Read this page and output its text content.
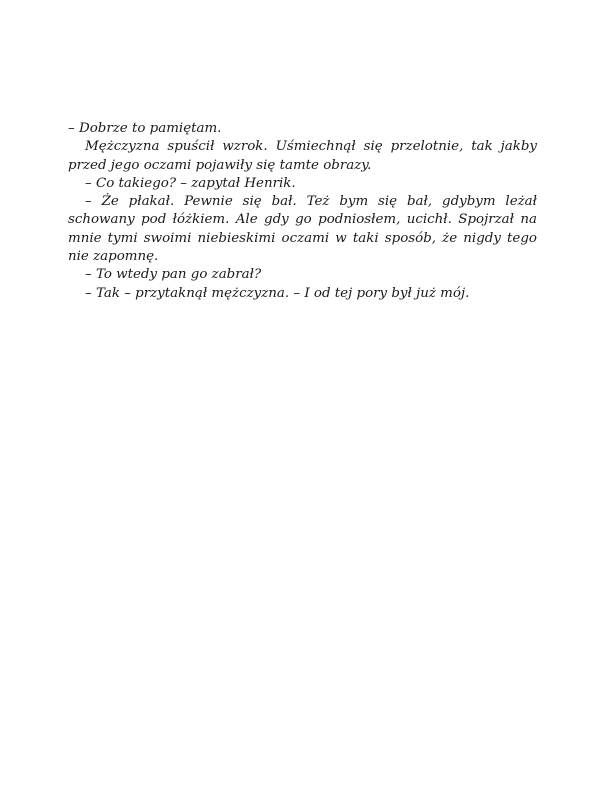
– Dobrze to pamiętam.

Mężczyzna spuścił wzrok. Uśmiechnął się przelotnie, tak jakby przed jego oczami pojawiły się tamte obrazy.

– Co takiego? – zapytał Henrik.

– Że płakał. Pewnie się bał. Też bym się bał, gdybym leżał schowany pod łóżkiem. Ale gdy go podniosłem, ucichł. Spojrzał na mnie tymi swoimi niebieskimi oczami w taki sposób, że nigdy tego nie zapomnę.

– To wtedy pan go zabrał?

– Tak – przytaknął mężczyzna. – I od tej pory był już mój.
